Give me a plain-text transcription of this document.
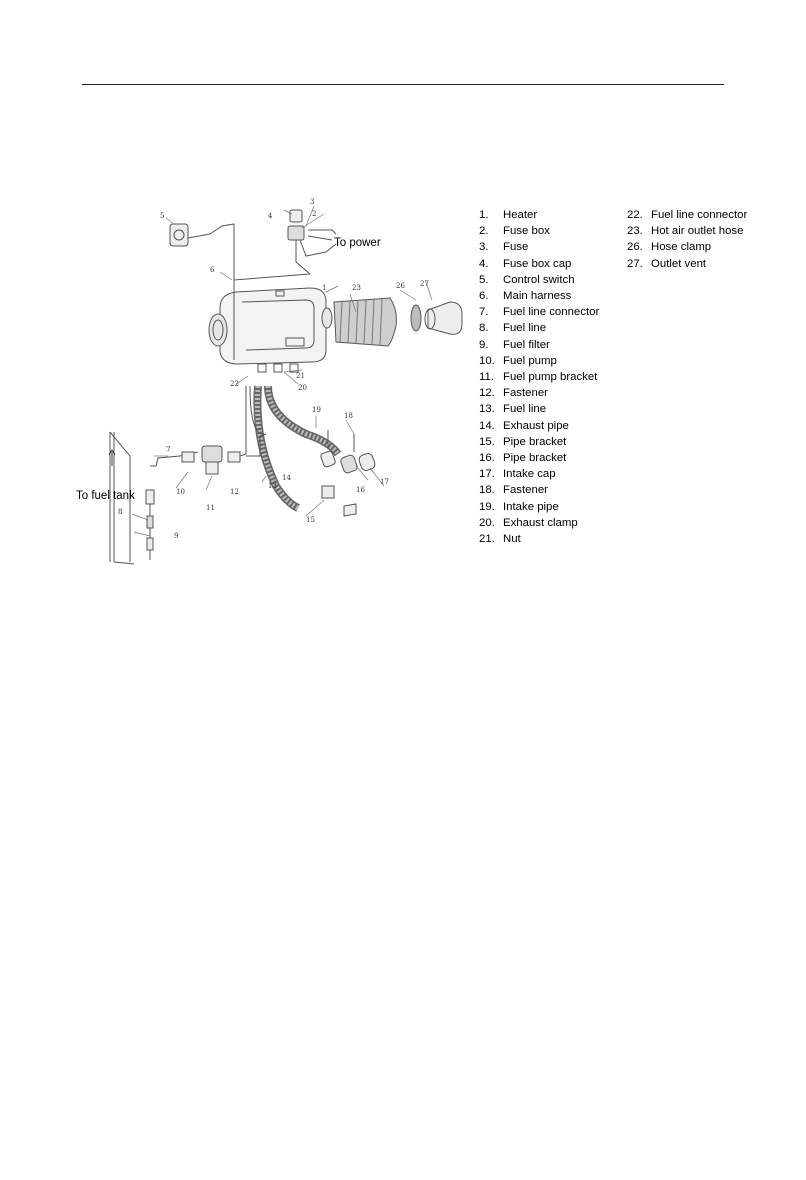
5	4
3
2
6
1	23	26 27
22
21
20
19
18
7
10	12
11
13
14
16
17
15
8
9
To power
To fuel tank
1.	Heater
2.	Fuse box
3.	Fuse
4.	Fuse box cap
5.	Control switch
6.	Main harness
7.	Fuel line connector
8.	Fuel line
9.	Fuel filter
10. Fuel pump
11. Fuel pump bracket
12. Fastener
13. Fuel line
14. Exhaust pipe
15. Pipe bracket
16. Pipe bracket
17. Intake cap
18. Fastener
19. Intake pipe
20. Exhaust clamp
21. Nut
22. Fuel line connector
23. Hot air outlet hose
26. Hose clamp
27. Outlet vent
